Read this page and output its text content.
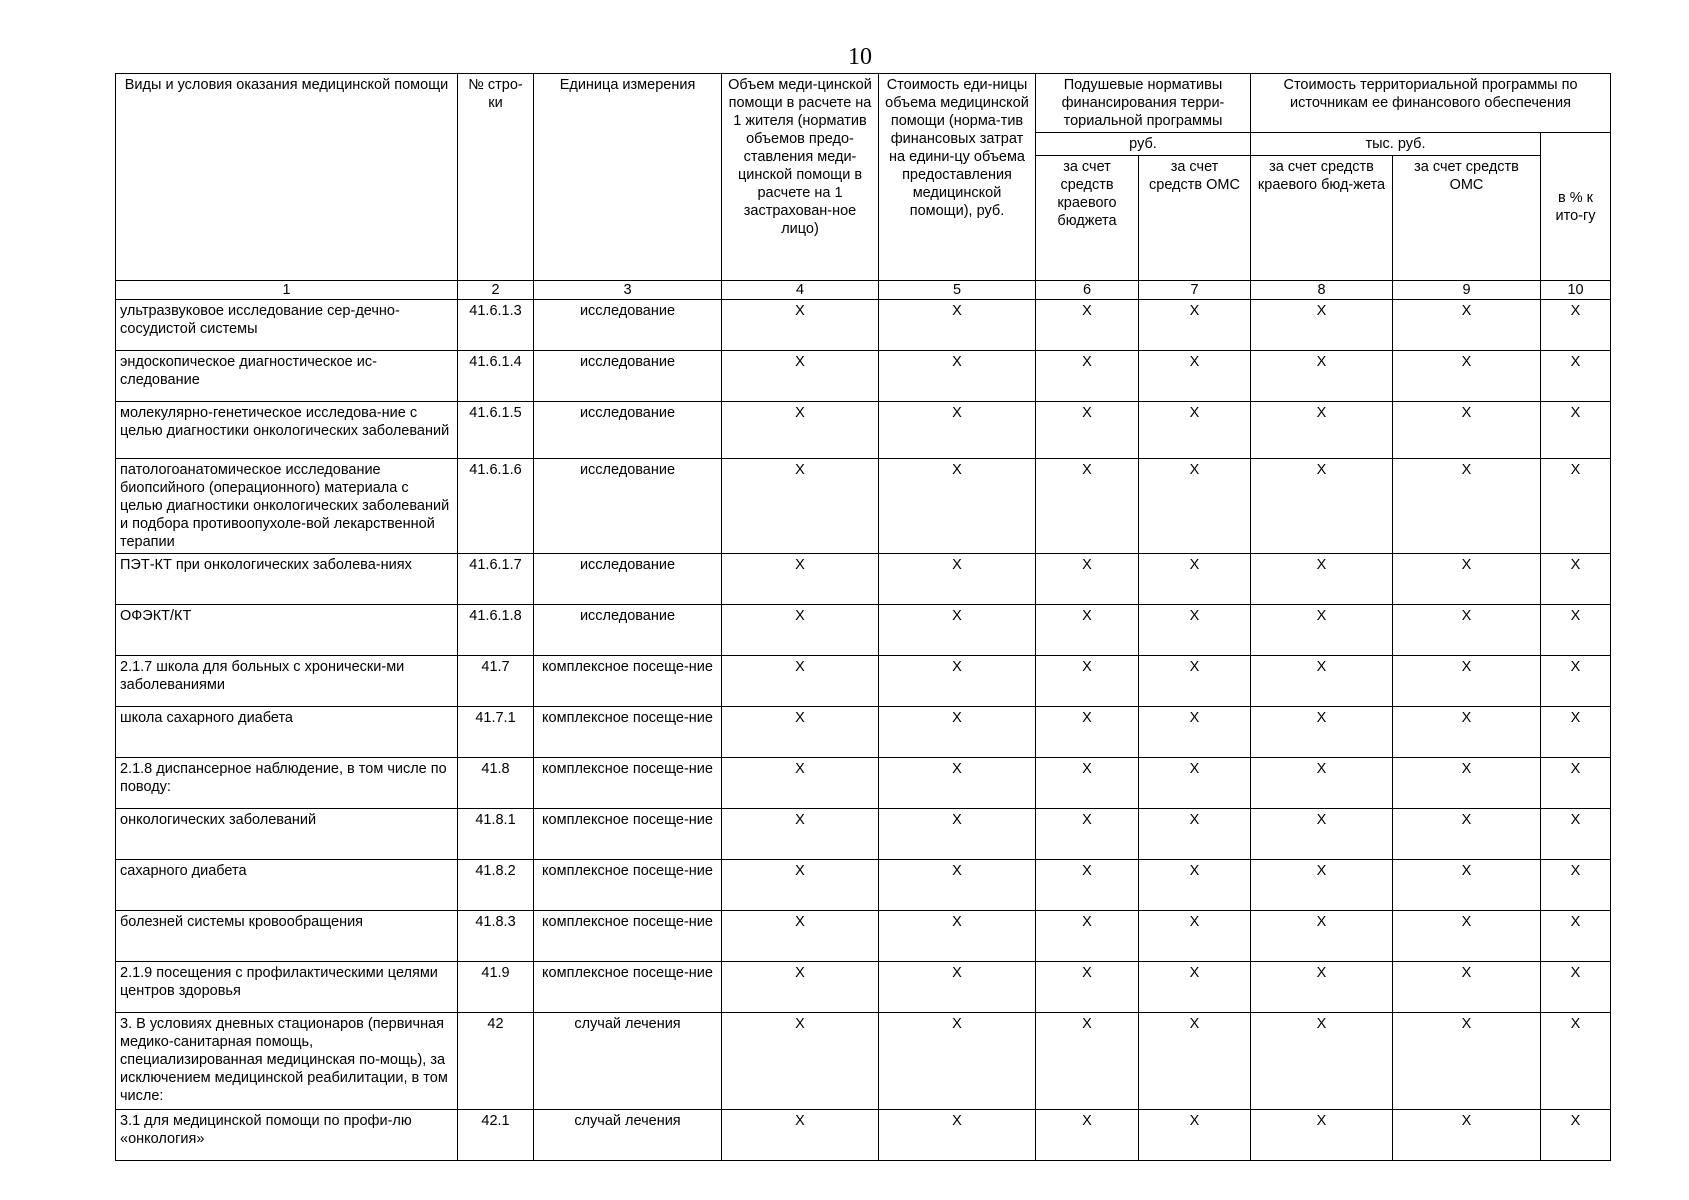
10
Виды и условия оказания медицинской помощи	№ стро-ки	Единица измерения	Объем меди-цинской помощи в расчете на 1 жителя (норматив объемов предо-ставления меди-цинской помощи в расчете на 1 застрахован-ное лицо)	Стоимость еди-ницы объема медицинской помощи (норма-тив финансовых затрат на едини-цу объема предоставления медицинской помощи), руб.	Подушевые нормативы финансирования терри-ториальной программы		Стоимость территориальной программы по источникам ее финансового обеспечения		
					руб.		тыс. руб.		в % к ито-гу
					за счет средств краевого бюджета	за счет средств ОМС	за счет средств краевого бюд-жета	за счет средств ОМС	
1	2	3	4	5	6	7	8	9	10
ультразвуковое исследование сер-дечно-сосудистой системы	41.6.1.3	исследование	X	X	X	X	X	X	X
эндоскопическое диагностическое ис-следование	41.6.1.4	исследование	X	X	X	X	X	X	X
молекулярно-генетическое исследова-ние с целью диагностики онкологических заболеваний	41.6.1.5	исследование	X	X	X	X	X	X	X
патологоанатомическое исследование биопсийного (операционного) материала с целью диагностики онкологических заболеваний и подбора противоопухоле-вой лекарственной терапии	41.6.1.6	исследование	X	X	X	X	X	X	X
ПЭТ-КТ при онкологических заболева-ниях	41.6.1.7	исследование	X	X	X	X	X	X	X
ОФЭКТ/КТ	41.6.1.8	исследование	X	X	X	X	X	X	X
2.1.7 школа для больных с хронически-ми заболеваниями	41.7	комплексное посеще-ние	X	X	X	X	X	X	X
школа сахарного диабета	41.7.1	комплексное посеще-ние	X	X	X	X	X	X	X
2.1.8 диспансерное наблюдение, в том числе по поводу:	41.8	комплексное посеще-ние	X	X	X	X	X	X	X
онкологических заболеваний	41.8.1	комплексное посеще-ние	X	X	X	X	X	X	X
сахарного диабета	41.8.2	комплексное посеще-ние	X	X	X	X	X	X	X
болезней системы кровообращения	41.8.3	комплексное посеще-ние	X	X	X	X	X	X	X
2.1.9 посещения с профилактическими целями центров здоровья	41.9	комплексное посеще-ние	X	X	X	X	X	X	X
3. В условиях дневных стационаров (первичная медико-санитарная помощь, специализированная медицинская по-мощь), за исключением медицинской реабилитации, в том числе:	42	случай лечения	X	X	X	X	X	X	X
3.1 для медицинской помощи по профи-лю «онкология»	42.1	случай лечения	X	X	X	X	X	X	X
